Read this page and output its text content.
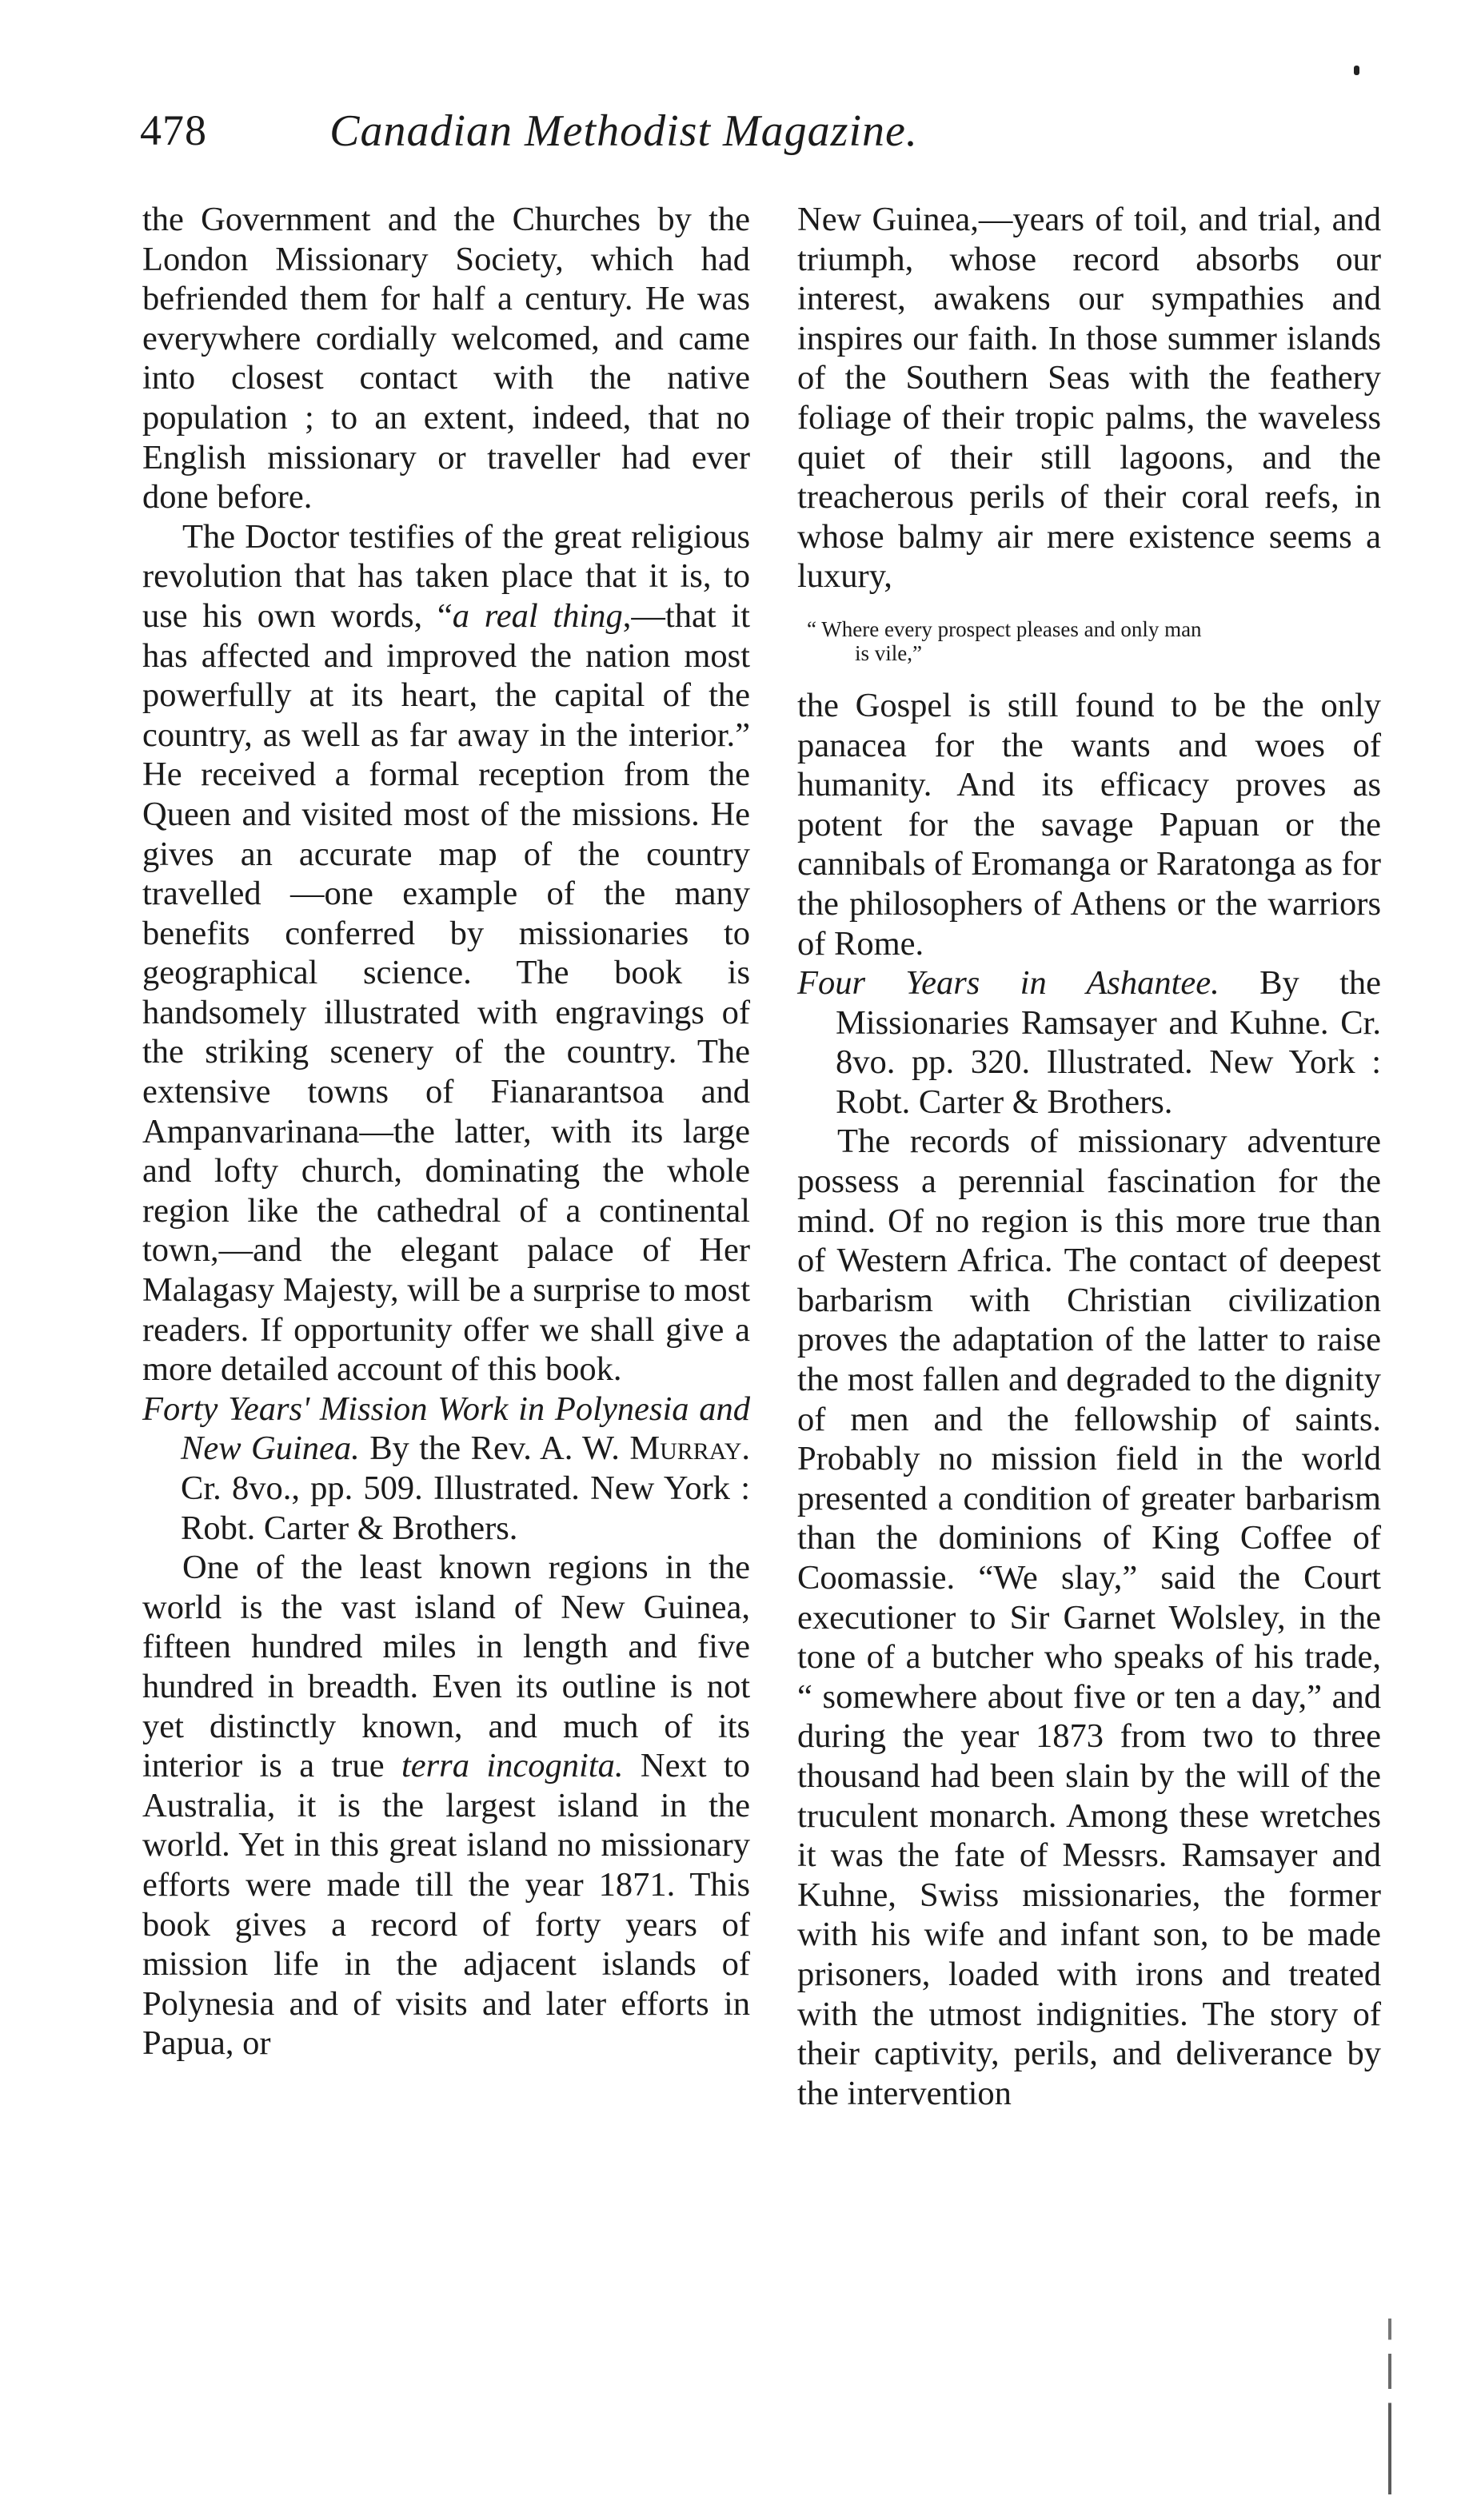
478	Canadian Methodist Magazine.

the Government and the Churches by the London Missionary Society, which had befriended them for half a century. He was everywhere cordially welcomed, and came into closest contact with the native population ; to an extent, indeed, that no English missionary or traveller had ever done before.

The Doctor testifies of the great religious revolution that has taken place that it is, to use his own words, “a real thing,—that it has affected and improved the nation most powerfully at its heart, the capital of the country, as well as far away in the interior.” He received a formal reception from the Queen and visited most of the missions. He gives an accurate map of the country travelled —one example of the many benefits conferred by missionaries to geographical science. The book is handsomely illustrated with engravings of the striking scenery of the country. The extensive towns of Fianarantsoa and Ampanvarinana—the latter, with its large and lofty church, dominating the whole region like the cathedral of a continental town,—and the elegant palace of Her Malagasy Majesty, will be a surprise to most readers. If opportunity offer we shall give a more detailed account of this book.

Forty Years' Mission Work in Polynesia and New Guinea. By the Rev. A. W. Murray. Cr. 8vo., pp. 509. Illustrated. New York : Robt. Carter & Brothers.

One of the least known regions in the world is the vast island of New Guinea, fifteen hundred miles in length and five hundred in breadth. Even its outline is not yet distinctly known, and much of its interior is a true terra incognita. Next to Australia, it is the largest island in the world. Yet in this great island no missionary efforts were made till the year 1871. This book gives a record of forty years of mission life in the adjacent islands of Polynesia and of visits and later efforts in Papua, or

New Guinea,—years of toil, and trial, and triumph, whose record absorbs our interest, awakens our sympathies and inspires our faith. In those summer islands of the Southern Seas with the feathery foliage of their tropic palms, the waveless quiet of their still lagoons, and the treacherous perils of their coral reefs, in whose balmy air mere existence seems a luxury,

“ Where every prospect pleases and only man
is vile,”

the Gospel is still found to be the only panacea for the wants and woes of humanity. And its efficacy proves as potent for the savage Papuan or the cannibals of Eromanga or Raratonga as for the philosophers of Athens or the warriors of Rome.

Four Years in Ashantee. By the Missionaries Ramsayer and Kuhne. Cr. 8vo. pp. 320. Illustrated. New York : Robt. Carter & Brothers.

The records of missionary adventure possess a perennial fascination for the mind. Of no region is this more true than of Western Africa. The contact of deepest barbarism with Christian civilization proves the adaptation of the latter to raise the most fallen and degraded to the dignity of men and the fellowship of saints. Probably no mission field in the world presented a condition of greater barbarism than the dominions of King Coffee of Coomassie. “We slay,” said the Court executioner to Sir Garnet Wolsley, in the tone of a butcher who speaks of his trade, “ somewhere about five or ten a day,” and during the year 1873 from two to three thousand had been slain by the will of the truculent monarch. Among these wretches it was the fate of Messrs. Ramsayer and Kuhne, Swiss missionaries, the former with his wife and infant son, to be made prisoners, loaded with irons and treated with the utmost indignities. The story of their captivity, perils, and deliverance by the intervention
